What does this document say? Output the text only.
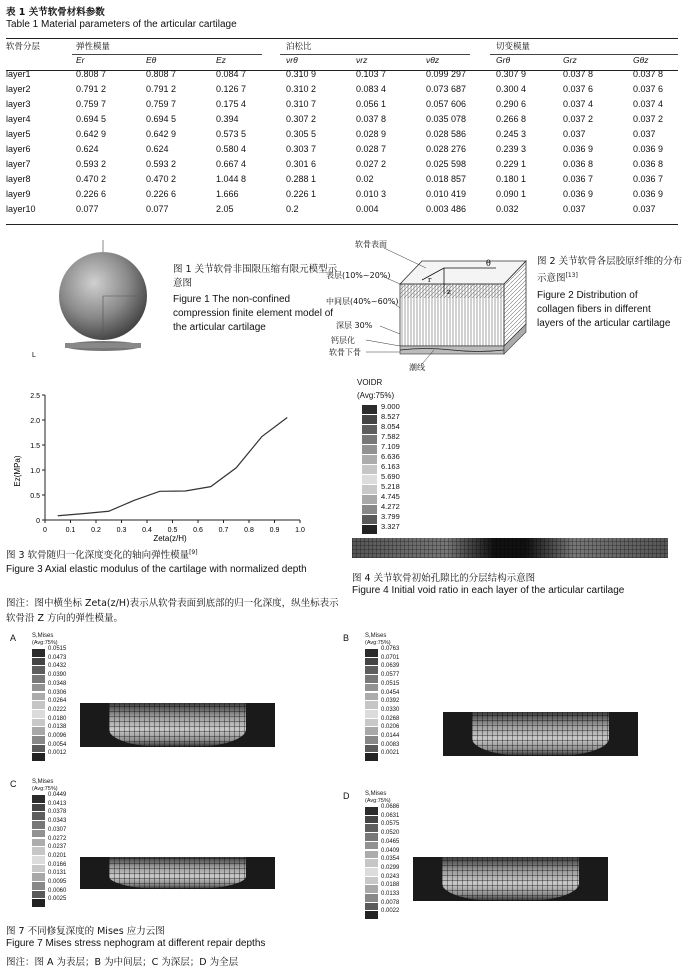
表 1 关节软骨材料参数
Table 1 Material parameters of the articular cartilage
软骨分层	弹性模量			泊松比			切变模量		
	Er	Eθ	Ez	νrθ	νrz	νθz	Grθ	Grz	Gθz
layer1	0.808 7	0.808 7	0.084 7	0.310 9	0.103 7	0.099 297	0.307 9	0.037 8	0.037 8
layer2	0.791 2	0.791 2	0.126 7	0.310 2	0.083 4	0.073 687	0.300 4	0.037 6	0.037 6
layer3	0.759 7	0.759 7	0.175 4	0.310 7	0.056 1	0.057 606	0.290 6	0.037 4	0.037 4
layer4	0.694 5	0.694 5	0.394	0.307 2	0.037 8	0.035 078	0.266 8	0.037 2	0.037 2
layer5	0.642 9	0.642 9	0.573 5	0.305 5	0.028 9	0.028 586	0.245 3	0.037	0.037
layer6	0.624	0.624	0.580 4	0.303 7	0.028 7	0.028 276	0.239 3	0.036 9	0.036 9
layer7	0.593 2	0.593 2	0.667 4	0.301 6	0.027 2	0.025 598	0.229 1	0.036 8	0.036 8
layer8	0.470 2	0.470 2	1.044 8	0.288 1	0.02	0.018 857	0.180 1	0.036 7	0.036 7
layer9	0.226 6	0.226 6	1.666	0.226 1	0.010 3	0.010 419	0.090 1	0.036 9	0.036 9
layer10	0.077	0.077	2.05	0.2	0.004	0.003 486	0.032	0.037	0.037
L
图 1 关节软骨非围限压缩有限元模型示意图
Figure 1 The non-confined compression finite element model of the articular cartilage
θ
r
z
软骨表面
表层(10%~20%)
中间层(40%~60%)
深层 30%
钙层化
软骨下骨
潮线
图 2 关节软骨各层胶原纤维的分布示意图[13]
Figure 2 Distribution of collagen fibers in different layers of the articular cartilage
0	0.1 0.2 0.3 0.4 0.5 0.6 0.7 0.8 0.9 1.0
0
0.5
1.0
1.5
2.0
2.5
Zeta(z/H)
Ez(MPa)
图 3 软骨随归一化深度变化的轴向弹性模量[9]
Figure 3 Axial elastic modulus of the cartilage with normalized depth
图注：图中横坐标 Zeta(z/H)表示从软骨表面到底部的归一化深度，纵坐标表示软骨沿 Z 方向的弹性模量。
VOIDR
(Avg:75%)
9.000
8.527
8.054
7.582
7.109
6.636
6.163
5.690
5.218
4.745
4.272
3.799
3.327
图 4 关节软骨初始孔隙比的分层结构示意图
Figure 4 Initial void ratio in each layer of the articular cartilage
A	S,Mises
(Avg:75%)
0.0515
0.0473
0.0432
0.0390
0.0348
0.0306
0.0264
0.0222
0.0180
0.0138
0.0096
0.0054
0.0012
B	S,Mises
(Avg:75%)
0.0763
0.0701
0.0639
0.0577
0.0515
0.0454
0.0392
0.0330
0.0268
0.0206
0.0144
0.0083
0.0021
C	S,Mises
(Avg:75%)
0.0449
0.0413
0.0378
0.0343
0.0307
0.0272
0.0237
0.0201
0.0166
0.0131
0.0095
0.0060
0.0025
D	S,Mises
(Avg:75%)
0.0686
0.0631
0.0575
0.0520
0.0465
0.0409
0.0354
0.0299
0.0243
0.0188
0.0133
0.0078
0.0022
图 7 不同修复深度的 Mises 应力云图
Figure 7 Mises stress nephogram at different repair depths
图注：图 A 为表层；B 为中间层；C 为深层；D 为全层
